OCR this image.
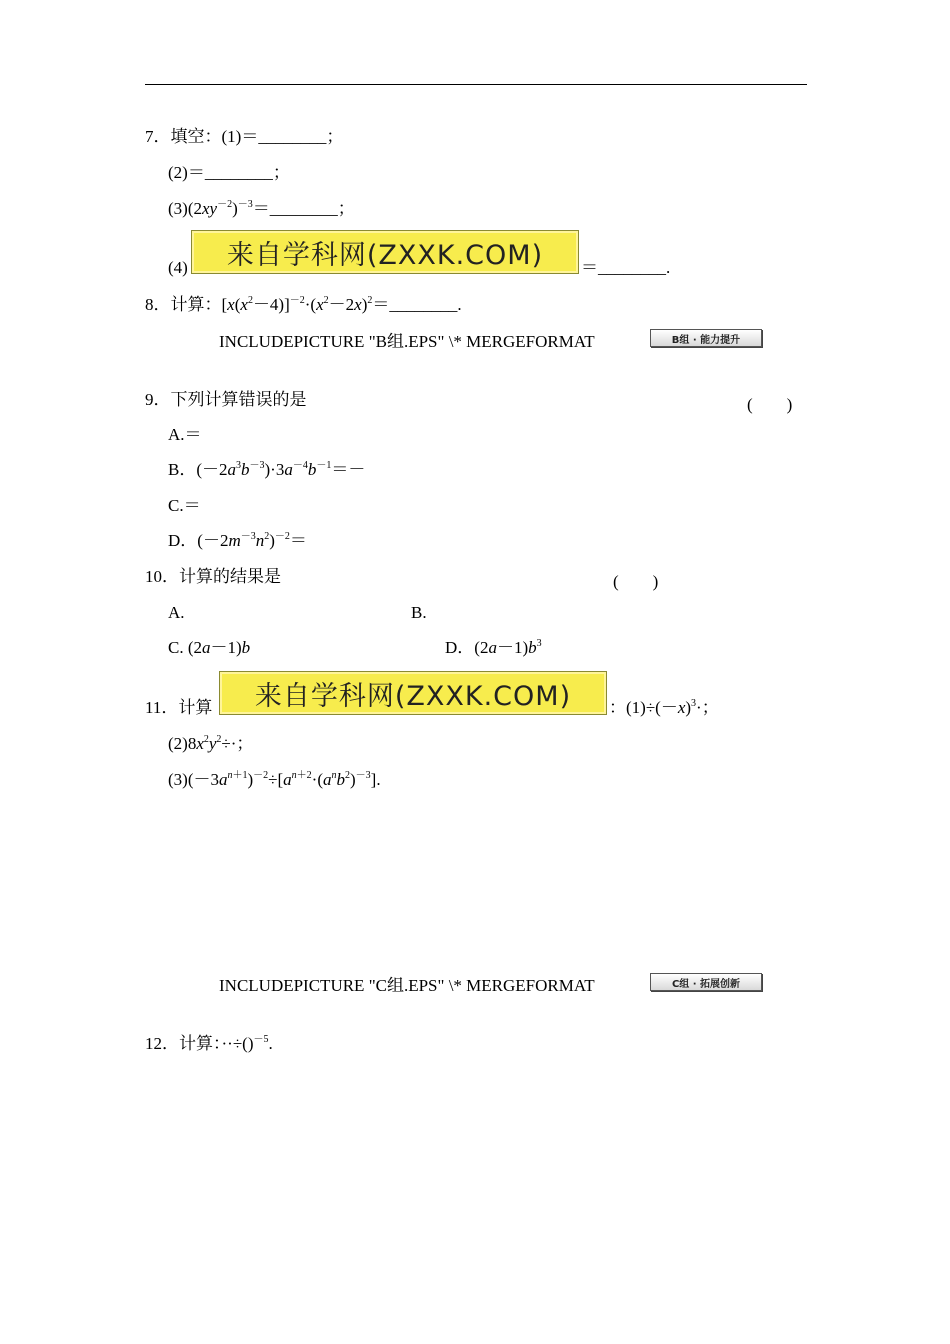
7．填空：(1)＝________；
(2)＝________；
$(3)(2xy^{-2})^{-3}=\_\_\_\_\_\_\_\_$；
(4)	来自学科网(ZXXK.COM)	＝________.
8．计算：$[x(x^2-4)]^{-2}\cdot(x^2-2x)^2=\_\_\_\_\_\_\_\_$.
INCLUDEPICTURE "B组.EPS" \* MERGEFORMAT	B组 · 能力提升
9．下列计算错误的是	(　　)
A.＝
B．$(-2a^3b^{-3})\cdot 3a^{-4}b^{-1}=-$
C.＝
D．$(-2m^{-3}n^2)^{-2}=$
10．计算的结果是	(　　)
A.	B.
C. (2a－1)b	D．$(2a-1)b^3$
11．计算	来自学科网(ZXXK.COM)	：$(1)\div(-x)^3\cdot$；
$(2)8x^2y^2\div\cdot$；
$(3)(-3a^{n+1})^{-2}\div[a^{n+2}\cdot(a^nb^2)^{-3}]$.
INCLUDEPICTURE "C组.EPS" \* MERGEFORMAT	C组 · 拓展创新
12．计算：··÷()$^{-5}$.
